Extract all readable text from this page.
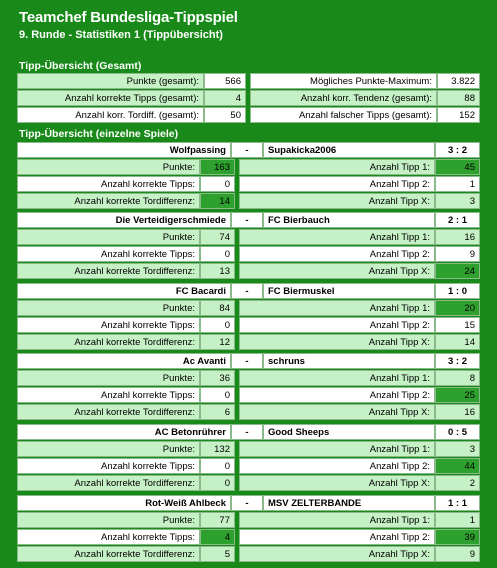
Teamchef Bundesliga-Tippspiel
9. Runde - Statistiken 1 (Tippübersicht)
Tipp-Übersicht (Gesamt)
Punkte (gesamt):	566	Mögliches Punkte-Maximum:	3.822
Anzahl korrekte Tipps (gesamt):	4	Anzahl korr. Tendenz (gesamt):	88
Anzahl korr. Tordiff. (gesamt):	50	Anzahl falscher Tipps (gesamt):	152
Tipp-Übersicht (einzelne Spiele)
Wolfpassing	-	Supakicka2006	3 : 2
Punkte:	163	Anzahl Tipp 1:	45
Anzahl korrekte Tipps:	0	Anzahl Tipp 2:	1
Anzahl korrekte Tordifferenz:	14	Anzahl Tipp X:	3
Die Verteidigerschmiede	-	FC Bierbauch	2 : 1
Punkte:	74	Anzahl Tipp 1:	16
Anzahl korrekte Tipps:	0	Anzahl Tipp 2:	9
Anzahl korrekte Tordifferenz:	13	Anzahl Tipp X:	24
FC Bacardi	-	FC Biermuskel	1 : 0
Punkte:	84	Anzahl Tipp 1:	20
Anzahl korrekte Tipps:	0	Anzahl Tipp 2:	15
Anzahl korrekte Tordifferenz:	12	Anzahl Tipp X:	14
Ac Avanti	-	schruns	3 : 2
Punkte:	36	Anzahl Tipp 1:	8
Anzahl korrekte Tipps:	0	Anzahl Tipp 2:	25
Anzahl korrekte Tordifferenz:	6	Anzahl Tipp X:	16
AC Betonrührer	-	Good Sheeps	0 : 5
Punkte:	132	Anzahl Tipp 1:	3
Anzahl korrekte Tipps:	0	Anzahl Tipp 2:	44
Anzahl korrekte Tordifferenz:	0	Anzahl Tipp X:	2
Rot-Weiß Ahlbeck	-	MSV ZELTERBANDE	1 : 1
Punkte:	77	Anzahl Tipp 1:	1
Anzahl korrekte Tipps:	4	Anzahl Tipp 2:	39
Anzahl korrekte Tordifferenz:	5	Anzahl Tipp X:	9
